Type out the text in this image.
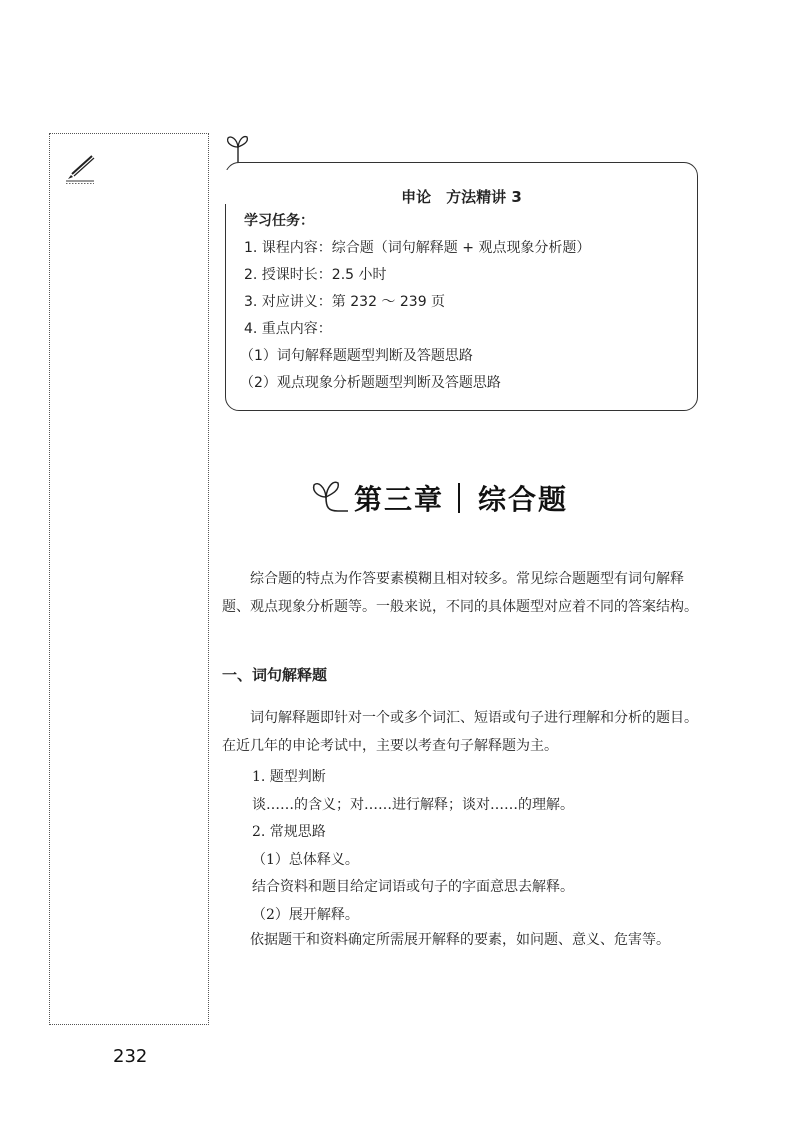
申论　方法精讲 3
学习任务：
1. 课程内容：综合题（词句解释题 + 观点现象分析题）
2. 授课时长：2.5 小时
3. 对应讲义：第 232 ～ 239 页
4. 重点内容：
（1）词句解释题题型判断及答题思路
（2）观点现象分析题题型判断及答题思路
第三章 综合题
综合题的特点为作答要素模糊且相对较多。常见综合题题型有词句解释题、观点现象分析题等。一般来说，不同的具体题型对应着不同的答案结构。
一、词句解释题
词句解释题即针对一个或多个词汇、短语或句子进行理解和分析的题目。在近几年的申论考试中，主要以考查句子解释题为主。
1. 题型判断
谈……的含义；对……进行解释；谈对……的理解。
2. 常规思路
（1）总体释义。
结合资料和题目给定词语或句子的字面意思去解释。
（2）展开解释。
依据题干和资料确定所需展开解释的要素，如问题、意义、危害等。
232
